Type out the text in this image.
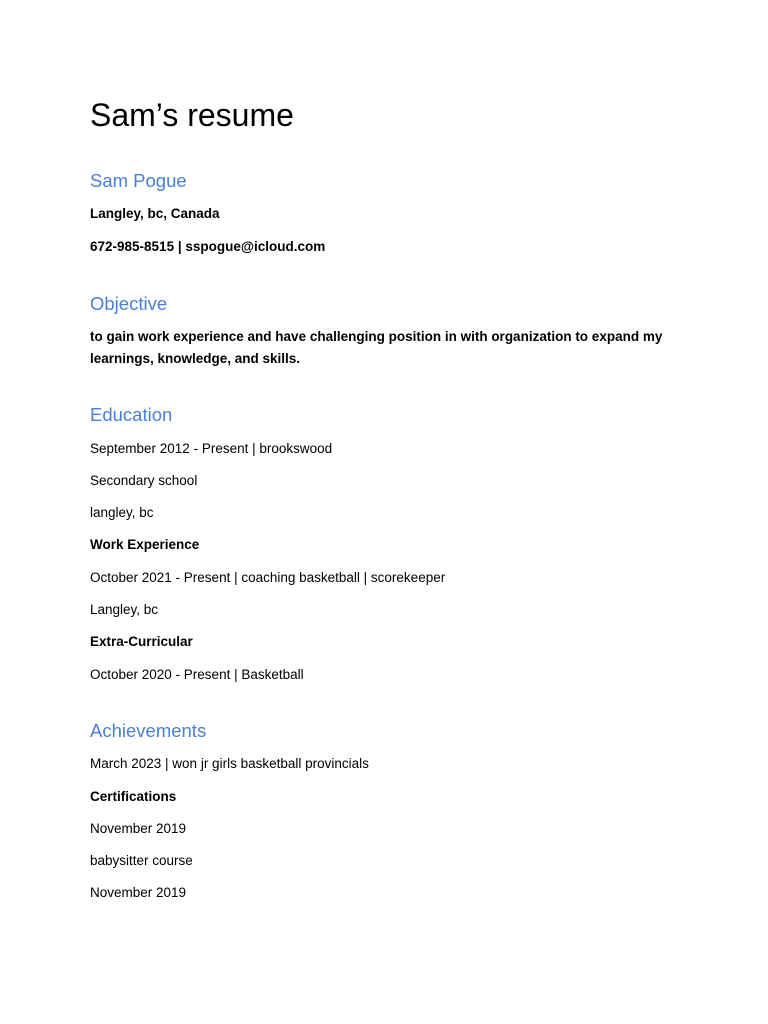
Sam’s resume
Sam Pogue
Langley, bc, Canada
672-985-8515 | sspogue@icloud.com
Objective
to gain work experience and have challenging position in with organization to expand my learnings, knowledge, and skills.
Education
September 2012 - Present | brookswood
Secondary school
langley, bc
Work Experience
October 2021 - Present | coaching basketball | scorekeeper
Langley, bc
Extra-Curricular
October 2020 - Present | Basketball
Achievements
March 2023 | won jr girls basketball provincials
Certifications
November 2019
babysitter course
November 2019
